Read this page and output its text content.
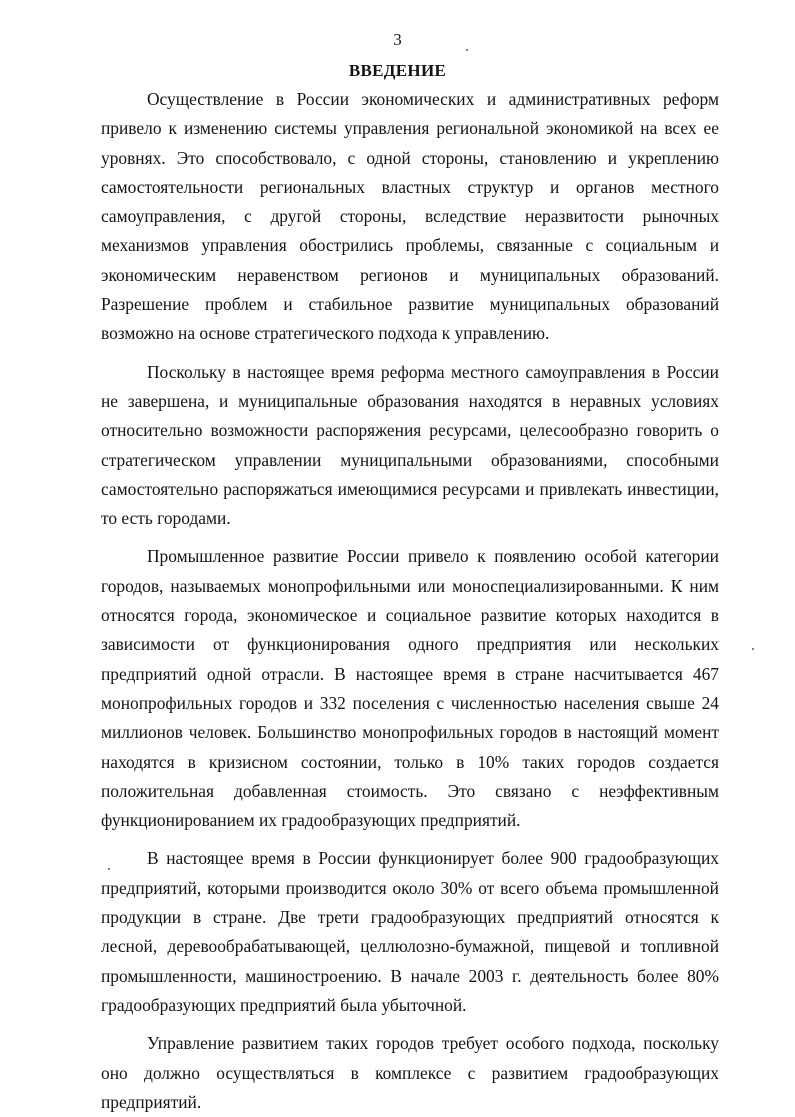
3
ВВЕДЕНИЕ

Осуществление в России экономических и административных реформ привело к изменению системы управления региональной экономикой на всех ее уровнях. Это способствовало, с одной стороны, становлению и укреплению самостоятельности региональных властных структур и органов местного самоуправления, с другой стороны, вследствие неразвитости рыночных механизмов управления обострились проблемы, связанные с социальным и экономическим неравенством регионов и муниципальных образований. Разрешение проблем и стабильное развитие муниципальных образований возможно на основе стратегического подхода к управлению.

Поскольку в настоящее время реформа местного самоуправления в России не завершена, и муниципальные образования находятся в неравных условиях относительно возможности распоряжения ресурсами, целесообразно говорить о стратегическом управлении муниципальными образованиями, способными самостоятельно распоряжаться имеющимися ресурсами и привлекать инвестиции, то есть городами.

Промышленное развитие России привело к появлению особой категории городов, называемых монопрофильными или моноспециализированными. К ним относятся города, экономическое и социальное развитие которых находится в зависимости от функционирования одного предприятия или нескольких предприятий одной отрасли. В настоящее время в стране насчитывается 467 монопрофильных городов и 332 поселения с численностью населения свыше 24 миллионов человек. Большинство монопрофильных городов в настоящий момент находятся в кризисном состоянии, только в 10% таких городов создается положительная добавленная стоимость. Это связано с неэффективным функционированием их градообразующих предприятий.

В настоящее время в России функционирует более 900 градообразующих предприятий, которыми производится около 30% от всего объема промышленной продукции в стране. Две трети градообразующих предприятий относятся к лесной, деревообрабатывающей, целлюлозно-бумажной, пищевой и топливной промышленности, машиностроению. В начале 2003 г. деятельность более 80% градообразующих предприятий была убыточной.

Управление развитием таких городов требует особого подхода, поскольку оно должно осуществляться в комплексе с развитием градообразующих предприятий.
